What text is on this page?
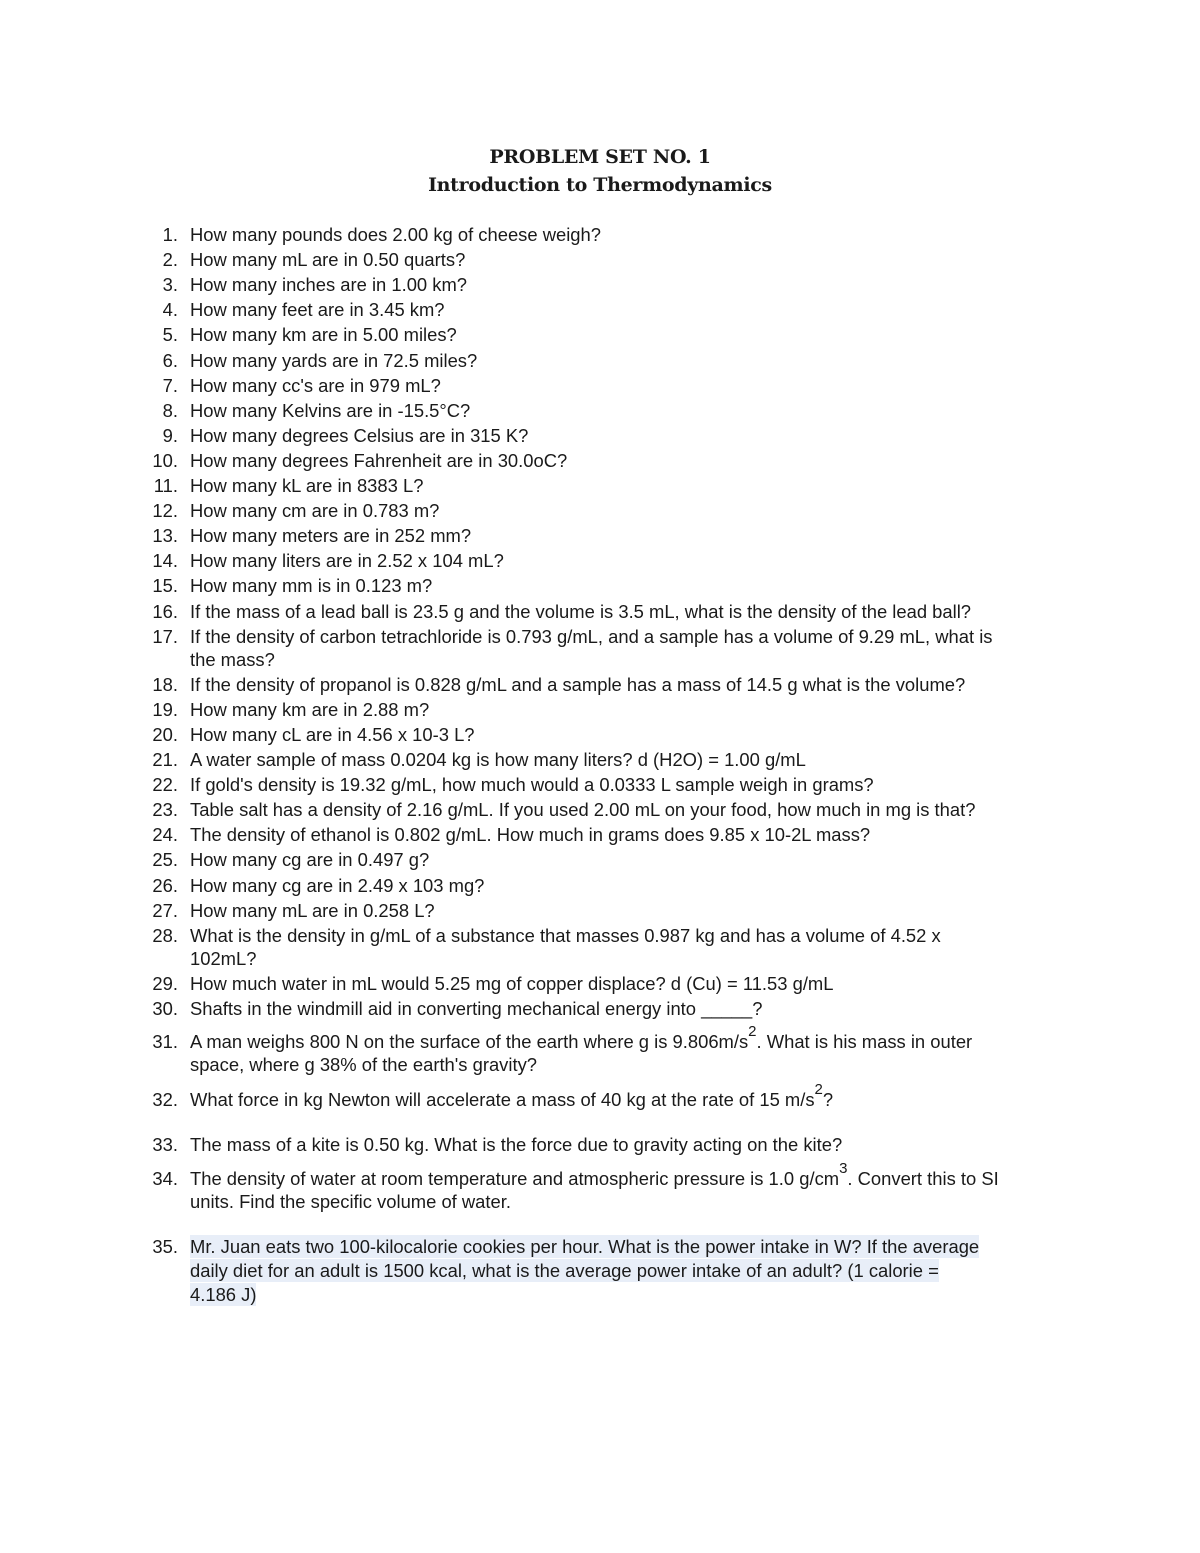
PROBLEM SET NO. 1
Introduction to Thermodynamics
1. How many pounds does 2.00 kg of cheese weigh?
2. How many mL are in 0.50 quarts?
3. How many inches are in 1.00 km?
4. How many feet are in 3.45 km?
5. How many km are in 5.00 miles?
6. How many yards are in 72.5 miles?
7. How many cc's are in 979 mL?
8. How many Kelvins are in -15.5°C?
9. How many degrees Celsius are in 315 K?
10. How many degrees Fahrenheit are in 30.0oC?
11. How many kL are in 8383 L?
12. How many cm are in 0.783 m?
13. How many meters are in 252 mm?
14. How many liters are in 2.52 x 104 mL?
15. How many mm is in 0.123 m?
16. If the mass of a lead ball is 23.5 g and the volume is 3.5 mL, what is the density of the lead ball?
17. If the density of carbon tetrachloride is 0.793 g/mL, and a sample has a volume of 9.29 mL, what is
the mass?
18. If the density of propanol is 0.828 g/mL and a sample has a mass of 14.5 g what is the volume?
19. How many km are in 2.88 m?
20. How many cL are in 4.56 x 10-3 L?
21. A water sample of mass 0.0204 kg is how many liters? d (H2O) = 1.00 g/mL
22. If gold's density is 19.32 g/mL, how much would a 0.0333 L sample weigh in grams?
23. Table salt has a density of 2.16 g/mL. If you used 2.00 mL on your food, how much in mg is that?
24. The density of ethanol is 0.802 g/mL. How much in grams does 9.85 x 10-2L mass?
25. How many cg are in 0.497 g?
26. How many cg are in 2.49 x 103 mg?
27. How many mL are in 0.258 L?
28. What is the density in g/mL of a substance that masses 0.987 kg and has a volume of 4.52 x
102mL?
29. How much water in mL would 5.25 mg of copper displace? d (Cu) = 11.53 g/mL
30. Shafts in the windmill aid in converting mechanical energy into _____?
31. A man weighs 800 N on the surface of the earth where g is $9.806m/s^2$. What is his mass in outer
space, where g 38% of the earth's gravity?
32. What force in kg Newton will accelerate a mass of 40 kg at the rate of 15 $m/s^2$?
33. The mass of a kite is 0.50 kg. What is the force due to gravity acting on the kite?
34. The density of water at room temperature and atmospheric pressure is 1.0 $g/cm^3$. Convert this to SI
units. Find the specific volume of water.
35. Mr. Juan eats two 100-kilocalorie cookies per hour. What is the power intake in W? If the average
daily diet for an adult is 1500 kcal, what is the average power intake of an adult? (1 calorie =
4.186 J)
